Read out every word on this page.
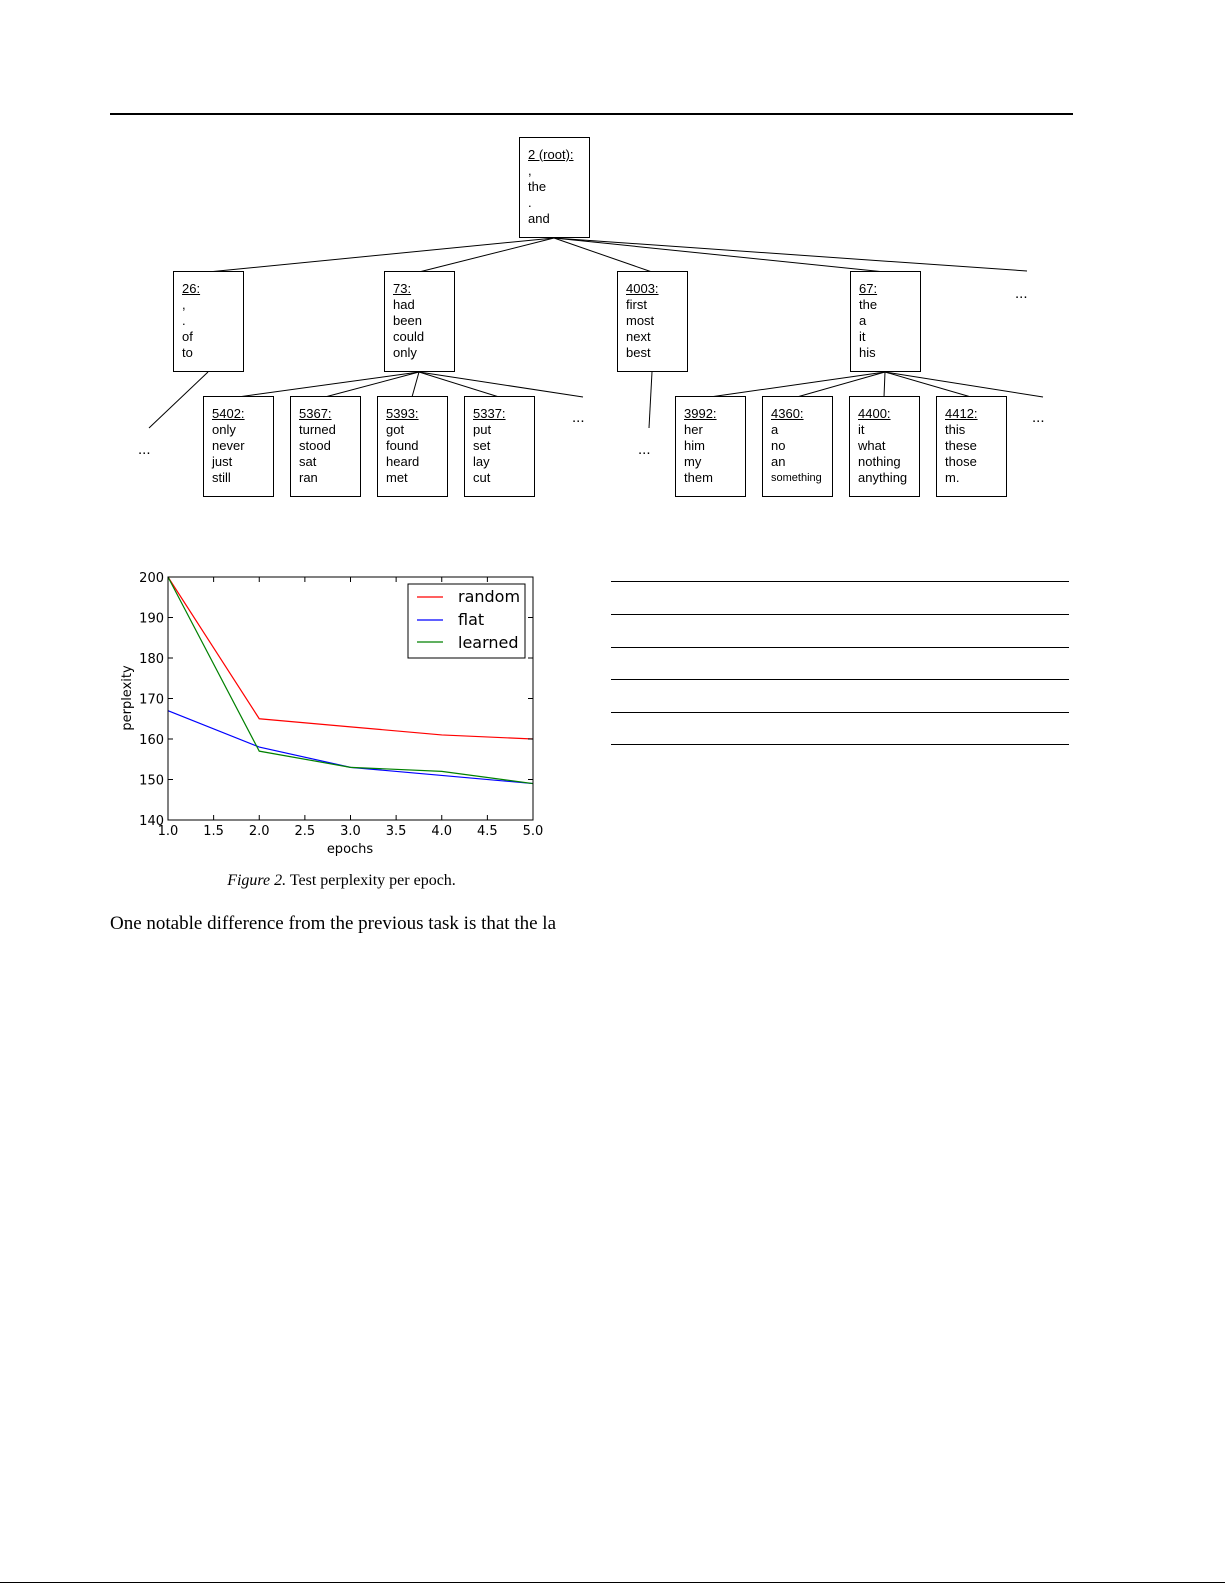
2 (root):
,
the
.
and
26:
,
.
of
to
73:
had
been
could
only
4003:
first
most
next
best
67:
the
a
it
his
...
5402:
only
never
just
still
5367:
turned
stood
sat
ran
5393:
got
found
heard
met
5337:
put
set
lay
cut
...
...	...
3992:
her
him
my
them
4360:
a
no
an
something
4400:
it
what
nothing
anything
4412:
this
these
those
m.
...
1.0 1.5 2.0 2.5 3.0 3.5 4.0 4.5 5.0
140
150
160
170
180
190
200
epochs
perplexity
random
flat
learned
Figure 2. Test perplexity per epoch.
One notable difference from the previous task is that the la
